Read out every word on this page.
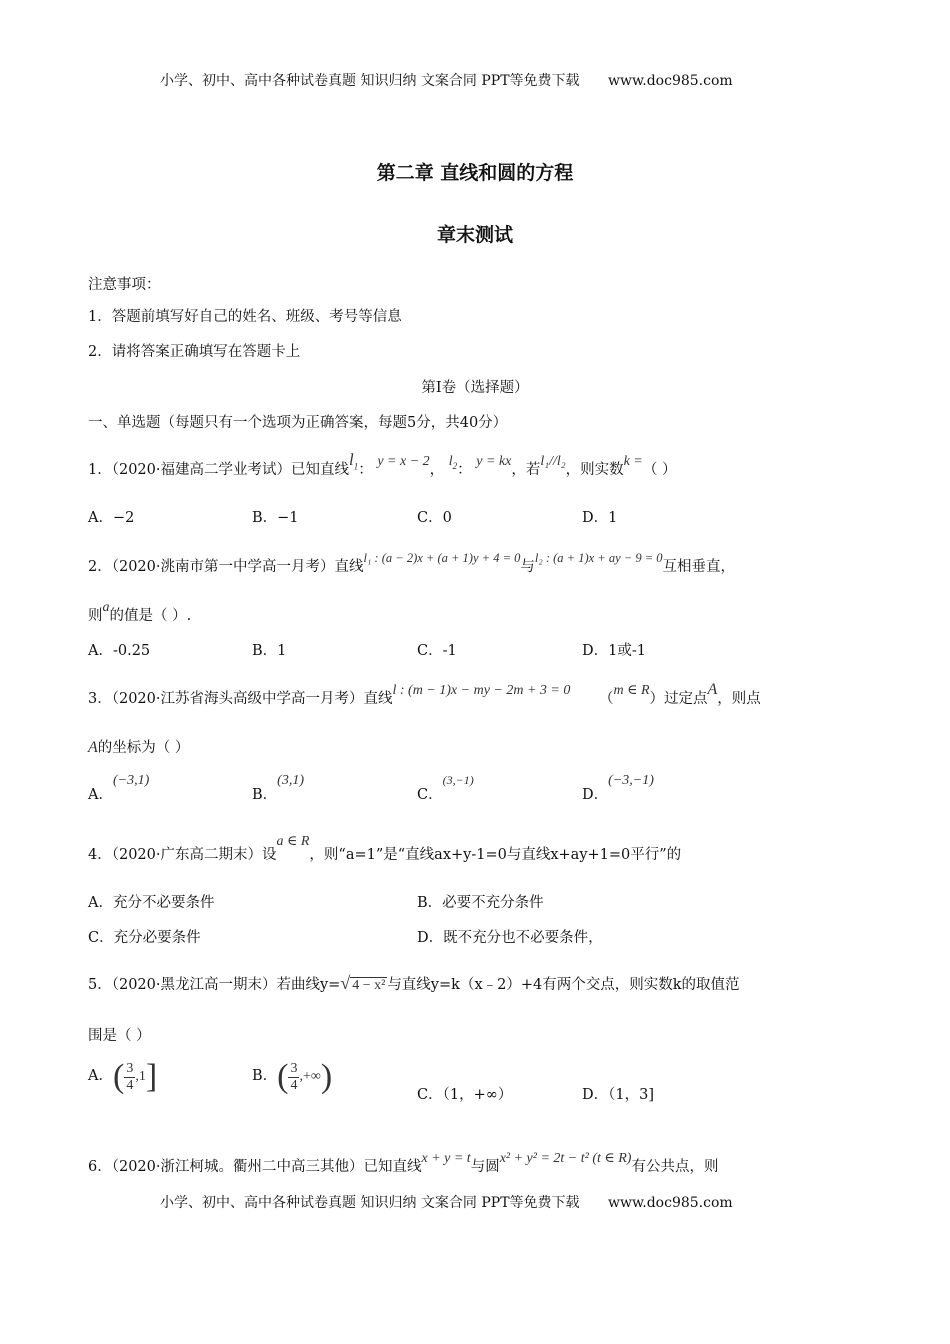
小学、初中、高中各种试卷真题 知识归纳 文案合同 PPT等免费下载 www.doc985.com
第二章 直线和圆的方程
章末测试
注意事项：
1．答题前填写好自己的姓名、班级、考号等信息
2．请将答案正确填写在答题卡上
第I卷（选择题）
一、单选题（每题只有一个选项为正确答案，每题5分，共40分）
1．（2020·福建高二学业考试）已知直线$l_1$： y = x − 2， $l_2$： y = kx，若l₁//l₂，则实数k =（ ）
A．−2	B．−1	C．0	D．1
2．（2020·洮南市第一中学高一月考）直线l₁ : (a − 2)x + (a + 1)y + 4 = 0与l₂ : (a + 1)x + ay − 9 = 0互相垂直，
则a的值是（ ）.
A．-0.25	B．1	C．-1	D．1或-1
3．（2020·江苏省海头高级中学高一月考）直线l : (m − 1)x − my − 2m + 3 = 0 （m ∈ R）过定点A，则点
A的坐标为（ ）
A．(−3,1)
B．(3,1)
C．(3,−1)
D．(−3,−1)
4．（2020·广东高二期末）设a ∈ R，则“a=1”是“直线ax+y-1=0与直线x+ay+1=0平行”的
A．充分不必要条件	B．必要不充分条件
C．充分必要条件	D．既不充分也不必要条件，
5．（2020·黑龙江高一期末）若曲线y=√ 4 − x² 与直线y=k（x﹣2）+4有两个交点，则实数k的取值范
围是（ ）
A．( $\frac{3}{4} ,1$]	B．( $\frac{3}{4}$ ,+∞)	C．（1，+∞）	D．（1，3]
6．（2020·浙江柯城。衢州二中高三其他）已知直线x + y = t与圆x² + y² = 2t − t² (t ∈ R)有公共点，则
小学、初中、高中各种试卷真题 知识归纳 文案合同 PPT等免费下载 www.doc985.com
